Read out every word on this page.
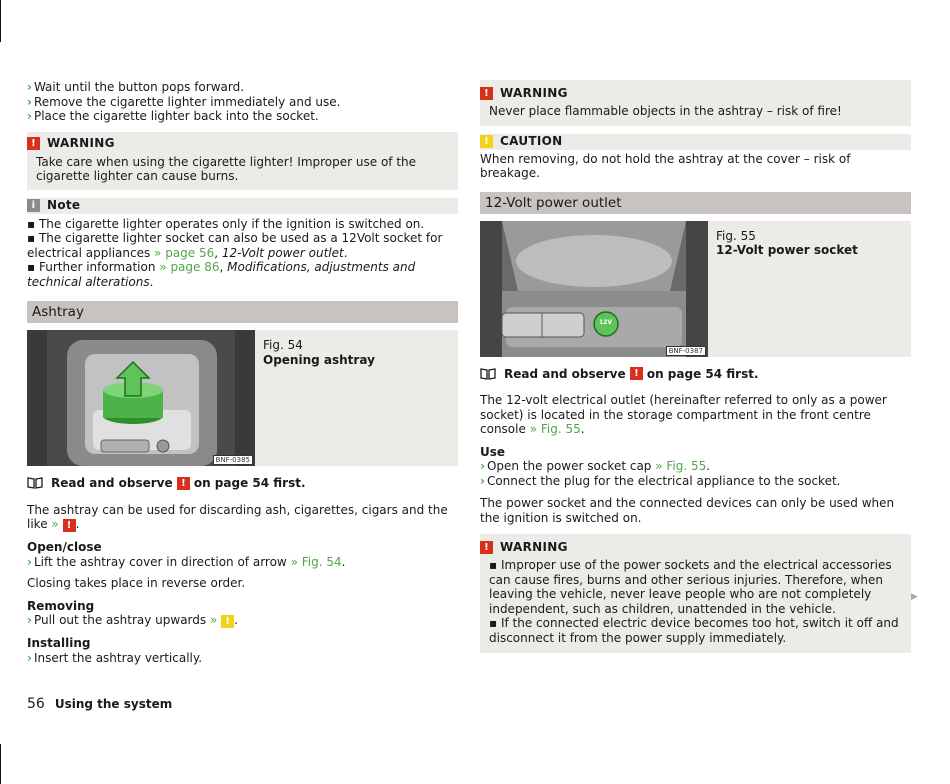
› Wait until the button pops forward.

› Remove the cigarette lighter immediately and use.

› Place the cigarette lighter back into the socket.

! WARNING

Take care when using the cigarette lighter! Improper use of the cigarette lighter can cause burns.

i Note

▪ The cigarette lighter operates only if the ignition is switched on.

▪ The cigarette lighter socket can also be used as a 12Volt socket for electrical appliances » page 56, 12-Volt power outlet.

▪ Further information » page 86, Modifications, adjustments and technical alterations.

Ashtray
BNF-0385

Fig. 54

Opening ashtray

Read and observe
! on page 54 first.

The ashtray can be used for discarding ash, cigarettes, cigars and the like » ! .

Open/close

› Lift the ashtray cover in direction of arrow » Fig. 54.

Closing takes place in reverse order.

Removing

› Pull out the ashtray upwards » ! .

Installing

› Insert the ashtray vertically.

! WARNING

Never place flammable objects in the ashtray – risk of fire!

! CAUTION

When removing, do not hold the ashtray at the cover – risk of breakage.

12-Volt power outlet
12V
BNF-0387

Fig. 55

12-Volt power socket

Read and observe
! on page 54 first.

The 12-volt electrical outlet (hereinafter referred to only as a power socket) is located in the storage compartment in the front centre console » Fig. 55.

Use

› Open the power socket cap » Fig. 55.

› Connect the plug for the electrical appliance to the socket.

The power socket and the connected devices can only be used when the ignition is switched on.

! WARNING

▪ Improper use of the power sockets and the electrical accessories can cause fires, burns and other serious injuries. Therefore, when leaving the vehicle, never leave people who are not completely independent, such as children, unattended in the vehicle.

▪ If the connected electric device becomes too hot, switch it off and disconnect it from the power supply immediately.

▶
56 Using the system
